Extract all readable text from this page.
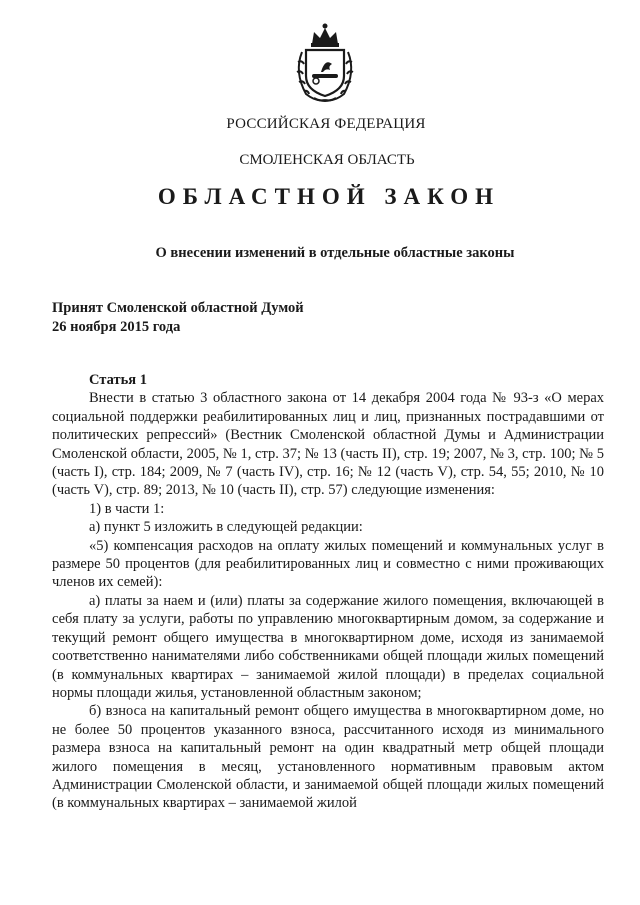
РОССИЙСКАЯ ФЕДЕРАЦИЯ
СМОЛЕНСКАЯ ОБЛАСТЬ
ОБЛАСТНОЙ ЗАКОН
О внесении изменений в отдельные областные законы
Принят Смоленской областной Думой
26 ноября 2015 года

Статья 1

Внести в статью 3 областного закона от 14 декабря 2004 года № 93-з «О мерах социальной поддержки реабилитированных лиц и лиц, признанных пострадавшими от политических репрессий» (Вестник Смоленской областной Думы и Администрации Смоленской области, 2005, № 1, стр. 37; № 13 (часть II), стр. 19; 2007, № 3, стр. 100; № 5 (часть I), стр. 184; 2009, № 7 (часть IV), стр. 16; № 12 (часть V), стр. 54, 55; 2010, № 10 (часть V), стр. 89; 2013, № 10 (часть II), стр. 57) следующие изменения:

1) в части 1:

а) пункт 5 изложить в следующей редакции:

«5) компенсация расходов на оплату жилых помещений и коммунальных услуг в размере 50 процентов (для реабилитированных лиц и совместно с ними проживающих членов их семей):

а) платы за наем и (или) платы за содержание жилого помещения, включающей в себя плату за услуги, работы по управлению многоквартирным домом, за содержание и текущий ремонт общего имущества в многоквартирном доме, исходя из занимаемой соответственно нанимателями либо собственниками общей площади жилых помещений (в коммунальных квартирах – занимаемой жилой площади) в пределах социальной нормы площади жилья, установленной областным законом;

б) взноса на капитальный ремонт общего имущества в многоквартирном доме, но не более 50 процентов указанного взноса, рассчитанного исходя из минимального размера взноса на капитальный ремонт на один квадратный метр общей площади жилого помещения в месяц, установленного нормативным правовым актом Администрации Смоленской области, и занимаемой общей площади жилых помещений (в коммунальных квартирах – занимаемой жилой
